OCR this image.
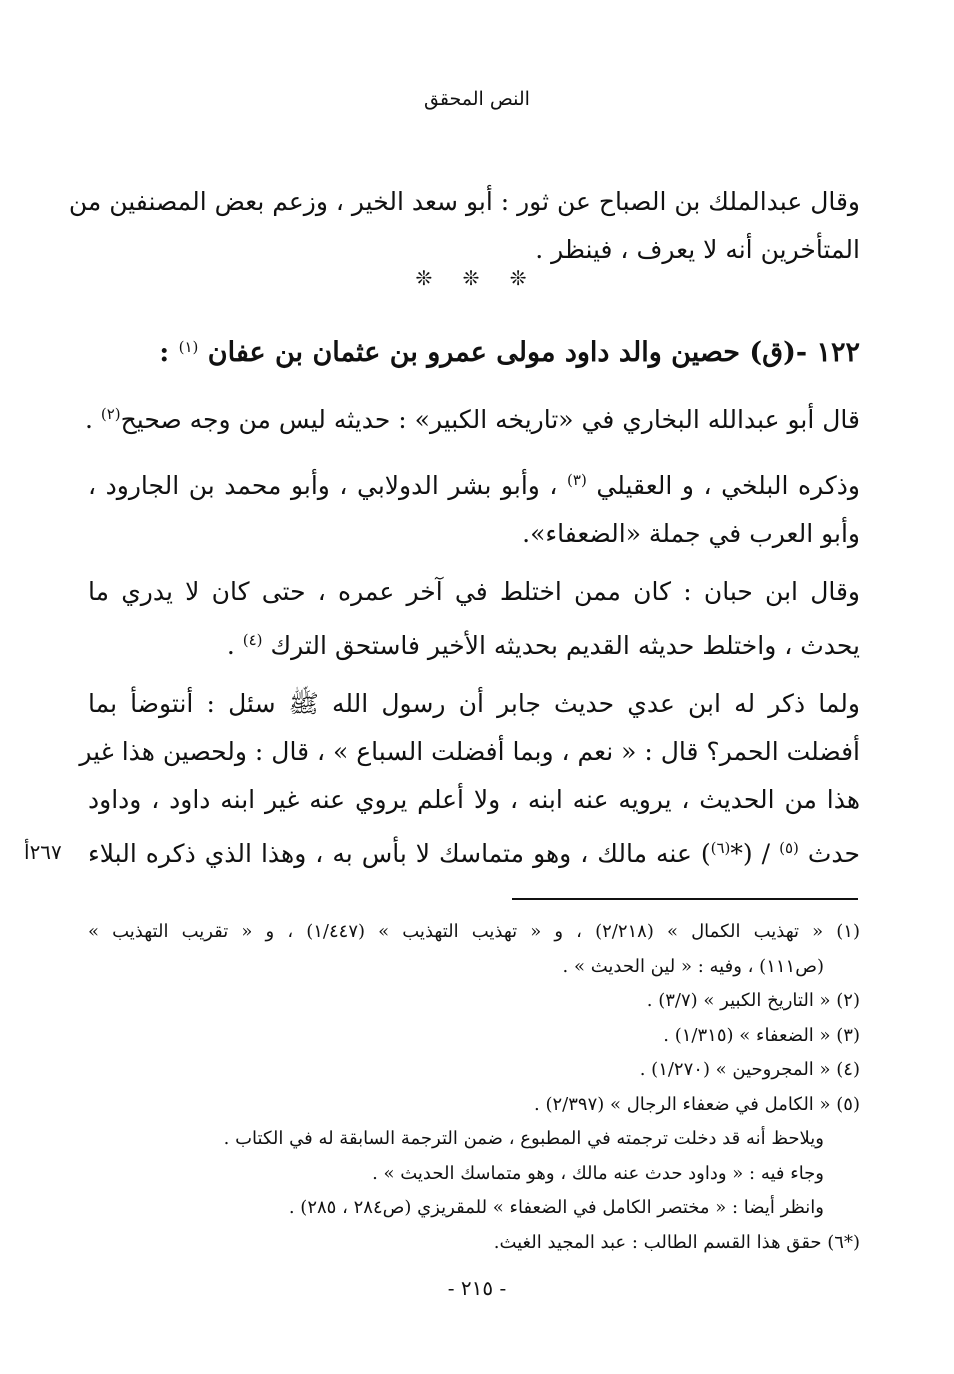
النص المحقق
وقال عبدالملك بن الصباح عن ثور : أبو سعد الخير ، وزعم بعض المصنفين من
المتأخرين أنه لا يعرف ، فينظر .
❊ ❊ ❊
١٢٢ -(ق) حصين والد داود مولى عمرو بن عثمان بن عفان $^{(١)}$ :
قال أبو عبدالله البخاري في «تاريخه الكبير» : حديثه ليس من وجه صحيح$^{(٢)}$ .
وذكره البلخي ، و العقيلي $^{(٣)}$ ، وأبو بشر الدولابي ، وأبو محمد بن الجارود ،
وأبو العرب في جملة «الضعفاء».
وقال ابن حبان : كان ممن اختلط في آخر عمره ، حتى كان لا يدري ما
يحدث ، واختلط حديثه القديم بحديثه الأخير فاستحق الترك $^{(٤)}$ .
ولما ذكر له ابن عدي حديث جابر أن رسول الله ﷺ سئل : أنتوضأ بما
أفضلت الحمر؟ قال : « نعم ، وبما أفضلت السباع » ، قال : ولحصين هذا غير
هذا من الحديث ، يرويه عنه ابنه ، ولا أعلم يروي عنه غير ابنه داود ، وداود
حدث $^{(٥)}$ / (*$^{(٦)}$) عنه مالك ، وهو متماسك لا بأس به ، وهذا الذي ذكره البلاء
٢٦٧أ
(١) « تهذيب الكمال » (٢/٢١٨) ، و « تهذيب التهذيب » (١/٤٤٧) ، و « تقريب التهذيب »
(ص١١١) ، وفيه : « لين الحديث » .
(٢) « التاريخ الكبير » (٣/٧) .
(٣) « الضعفاء » (١/٣١٥) .
(٤) « المجروحين » (١/٢٧٠) .
(٥) « الكامل في ضعفاء الرجال » (٢/٣٩٧) .
ويلاحظ أنه قد دخلت ترجمته في المطبوع ، ضمن الترجمة السابقة له في الكتاب .
وجاء فيه : « وداود حدث عنه مالك ، وهو متماسك الحديث » .
وانظر أيضا : « مختصر الكامل في الضعفاء » للمقريزي (ص٢٨٤ ، ٢٨٥) .
(*٦) حقق هذا القسم الطالب : عبد المجيد الغيث.
- ٢١٥ -
